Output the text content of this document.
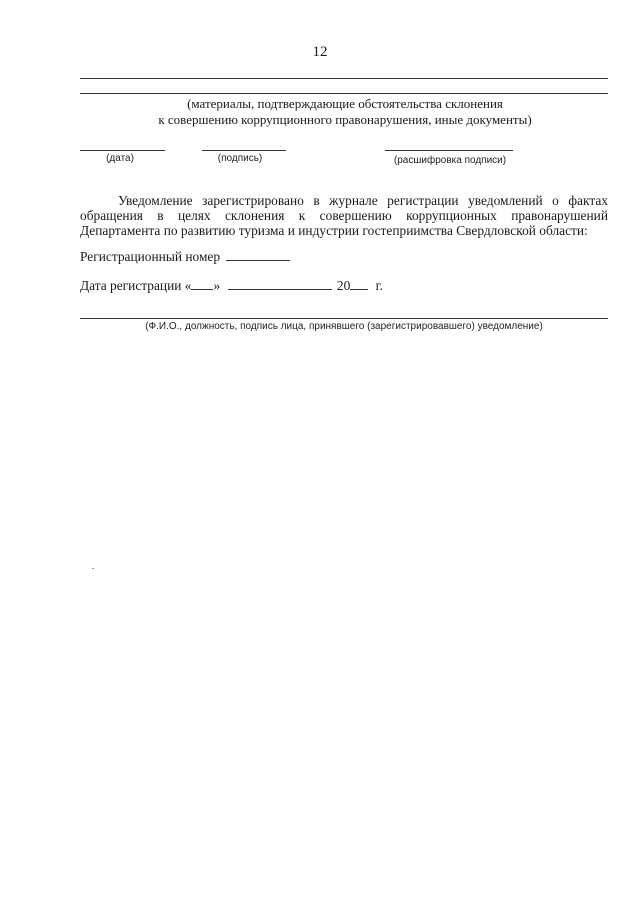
12
(материалы, подтверждающие обстоятельства склонения
к совершению коррупционного правонарушения, иные документы)
(дата)	(подпись)	(расшифровка подписи)
Уведомление зарегистрировано в журнале регистрации уведомлений о фактах обращения в целях склонения к совершению коррупционных правонарушений Департамента по развитию туризма и индустрии гостеприимства Свердловской области:
Регистрационный номер
Дата регистрации « »	20 г.
(Ф.И.О., должность, подпись лица, принявшего (зарегистрировавшего) уведомление)
